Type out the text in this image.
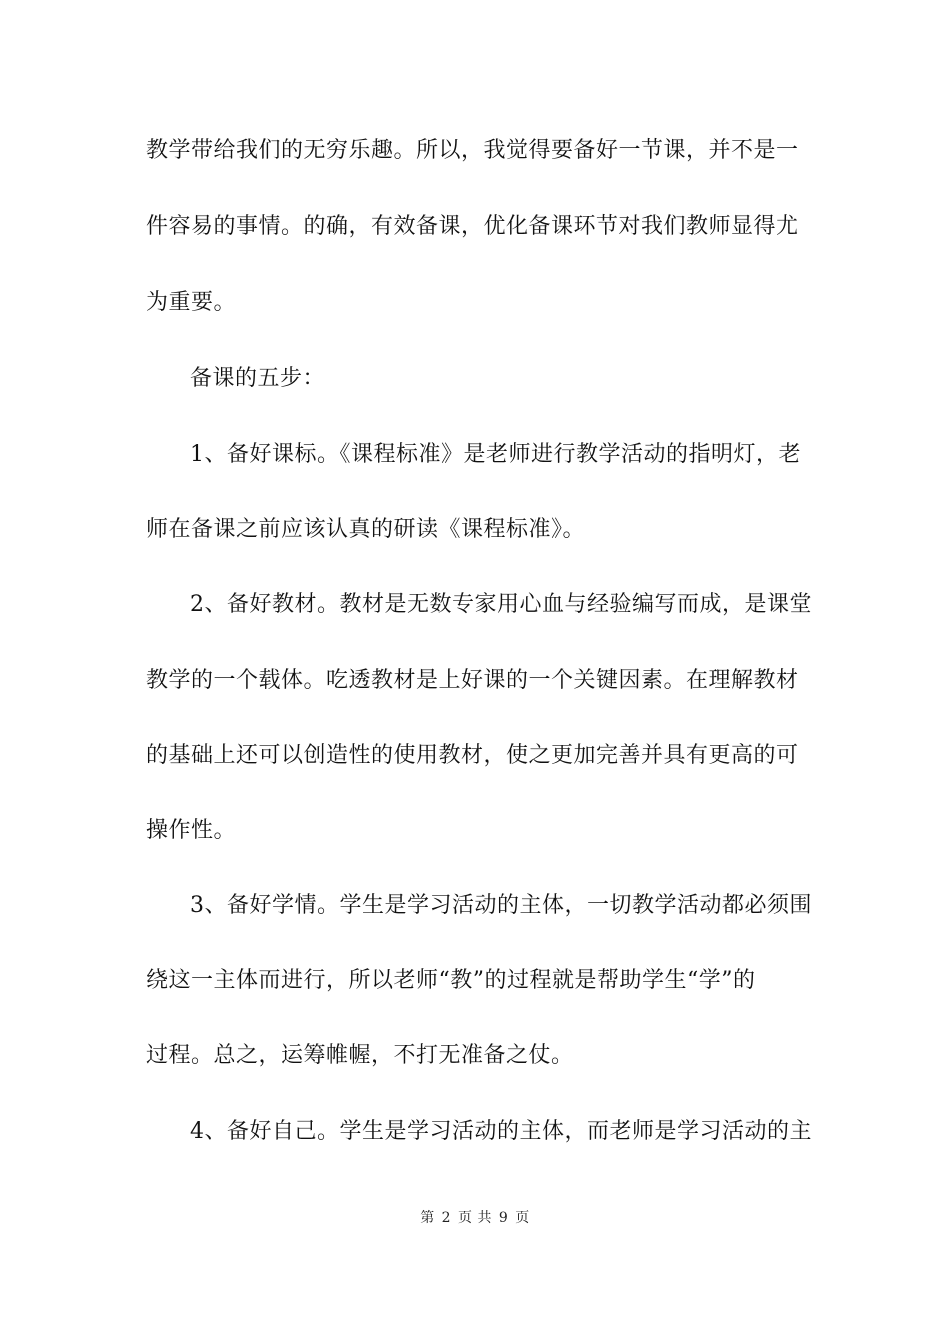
教学带给我们的无穷乐趣。所以，我觉得要备好一节课，并不是一
件容易的事情。的确，有效备课，优化备课环节对我们教师显得尤
为重要。
备课的五步：
1、备好课标。《课程标准》是老师进行教学活动的指明灯，老
师在备课之前应该认真的研读《课程标准》。
2、备好教材。教材是无数专家用心血与经验编写而成，是课堂
教学的一个载体。吃透教材是上好课的一个关键因素。在理解教材
的基础上还可以创造性的使用教材，使之更加完善并具有更高的可
操作性。
3、备好学情。学生是学习活动的主体，一切教学活动都必须围
绕这一主体而进行，所以老师“教”的过程就是帮助学生“学”的
过程。总之，运筹帷幄，不打无准备之仗。
4、备好自己。学生是学习活动的主体，而老师是学习活动的主
第 2 页 共 9 页
